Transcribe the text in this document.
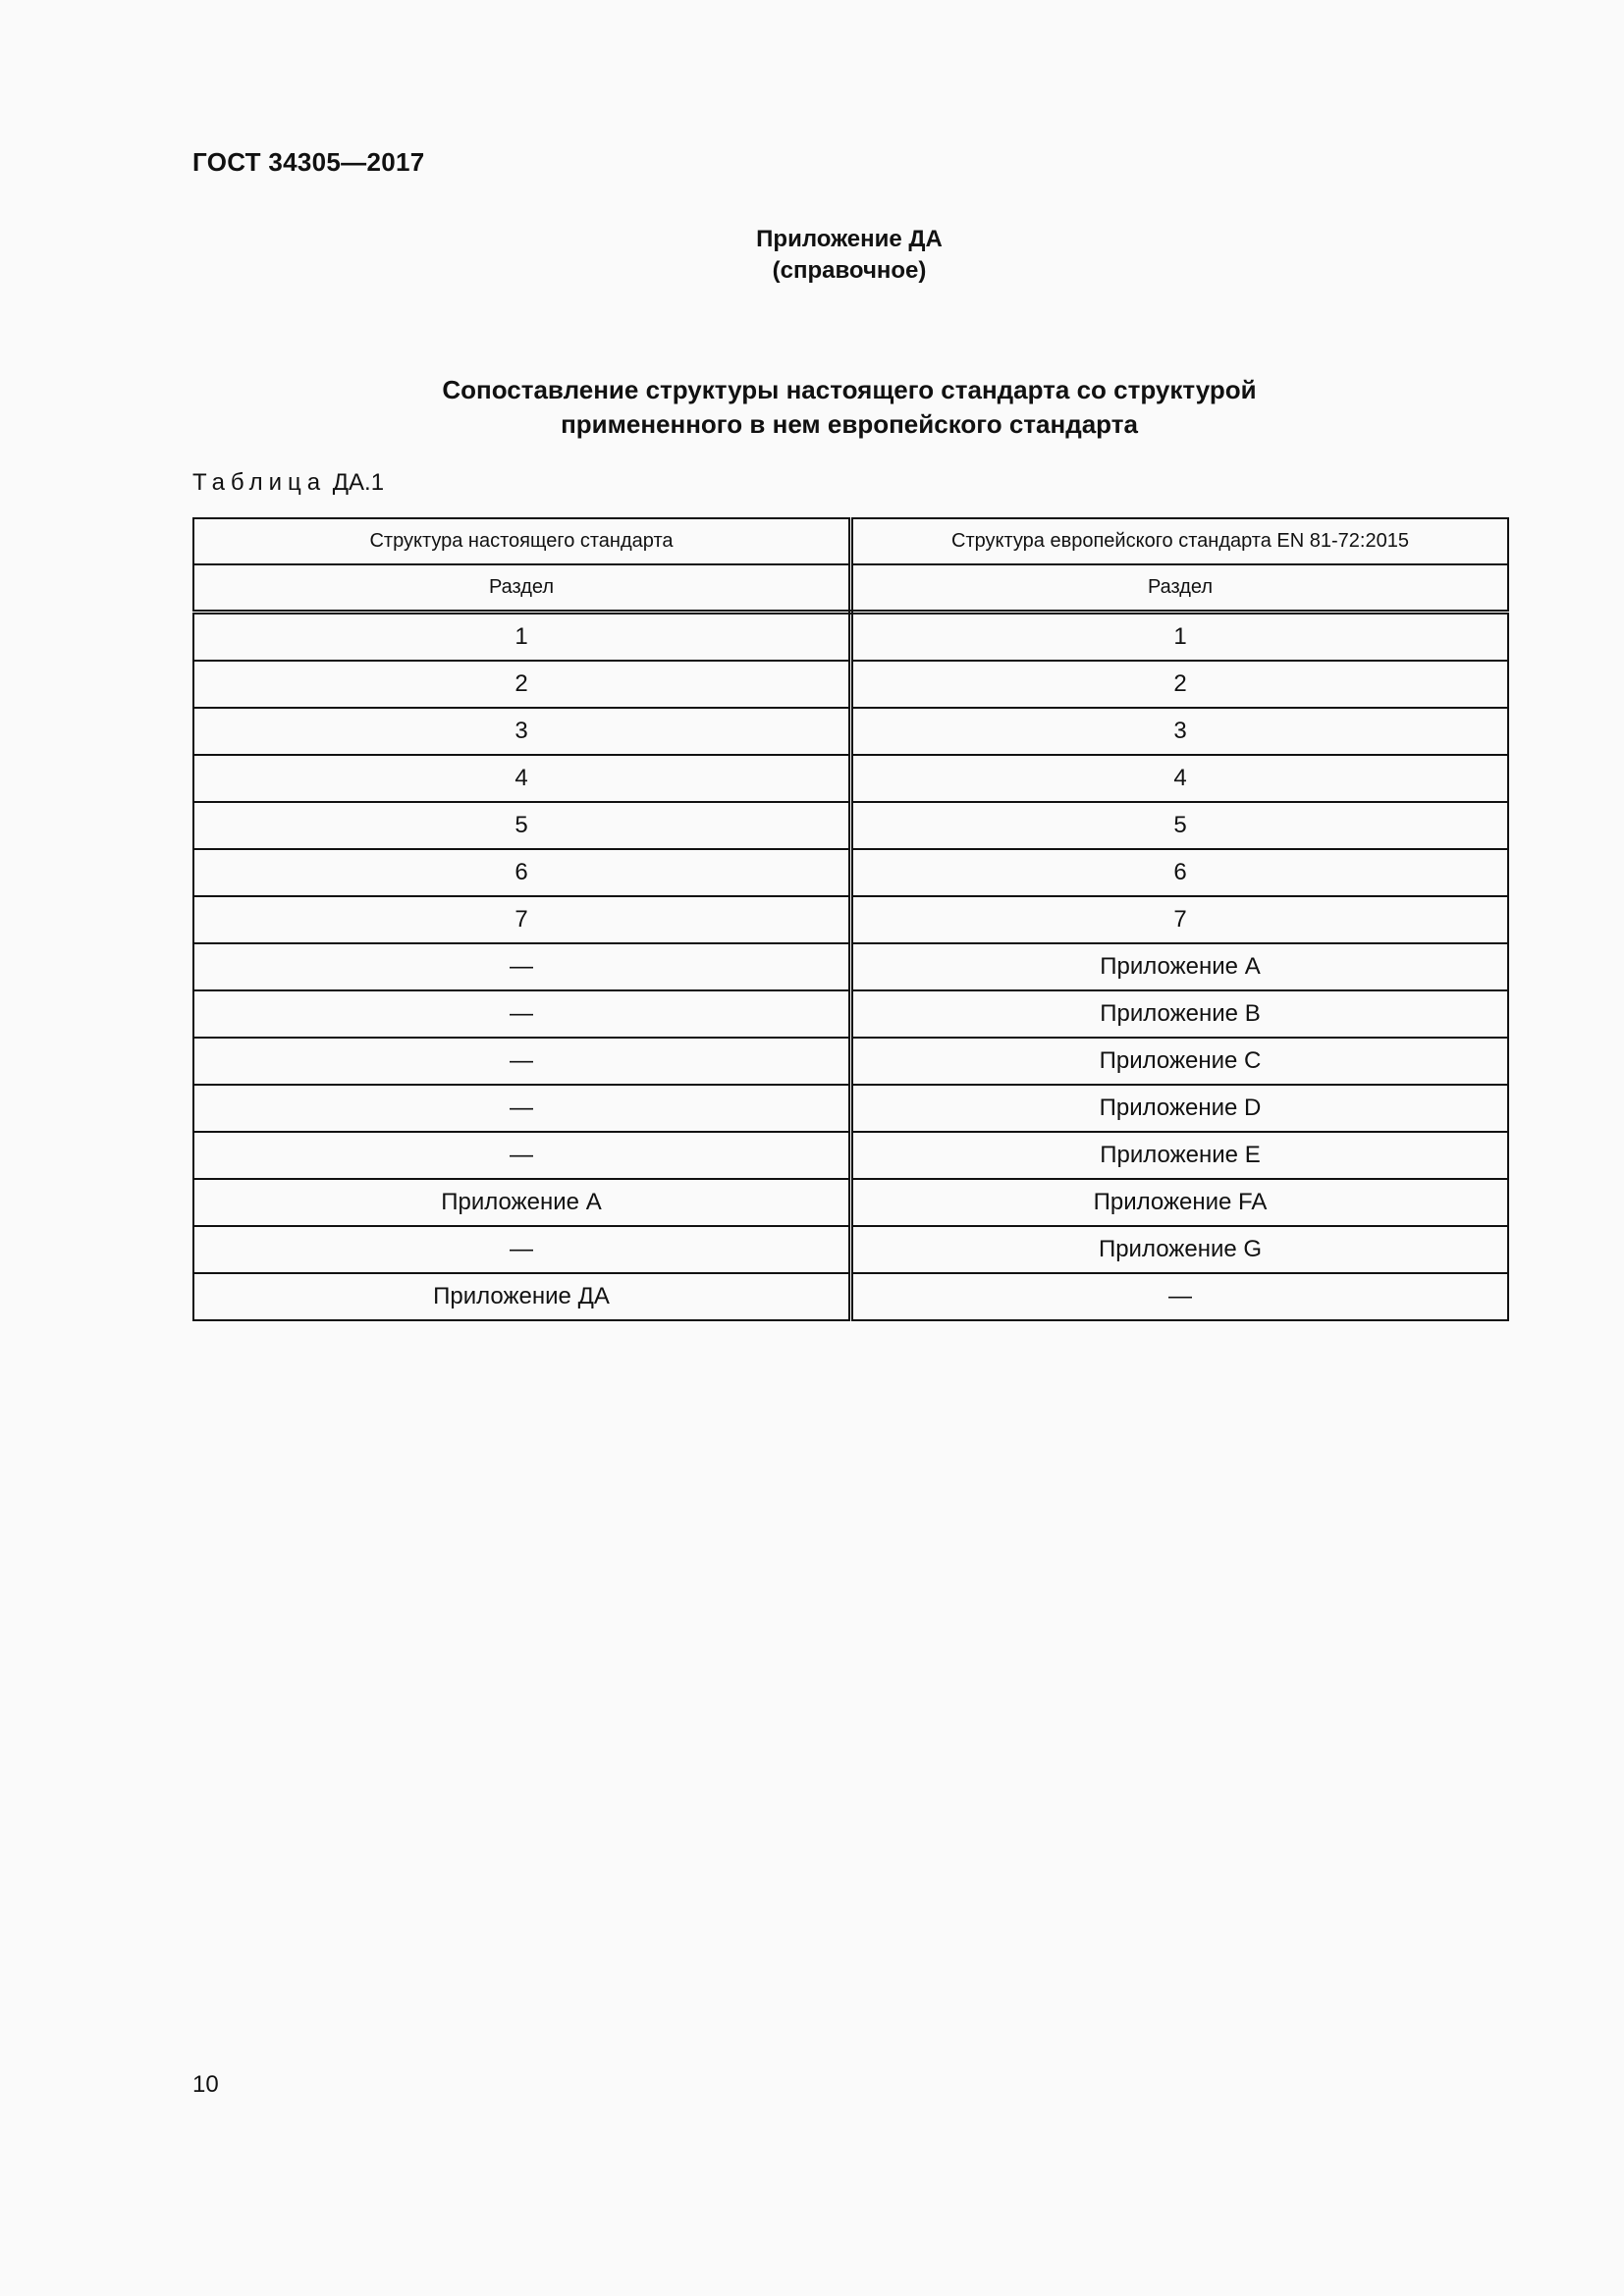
ГОСТ 34305—2017
Приложение ДА
(справочное)
Сопоставление структуры настоящего стандарта со структурой
примененного в нем европейского стандарта
Таблица ДА.1
Структура настоящего стандарта	Структура европейского стандарта EN 81-72:2015
Раздел	Раздел
1	1
2	2
3	3
4	4
5	5
6	6
7	7
—	Приложение А
—	Приложение В
—	Приложение С
—	Приложение D
—	Приложение Е
Приложение А	Приложение FA
—	Приложение G
Приложение ДА	—
10
